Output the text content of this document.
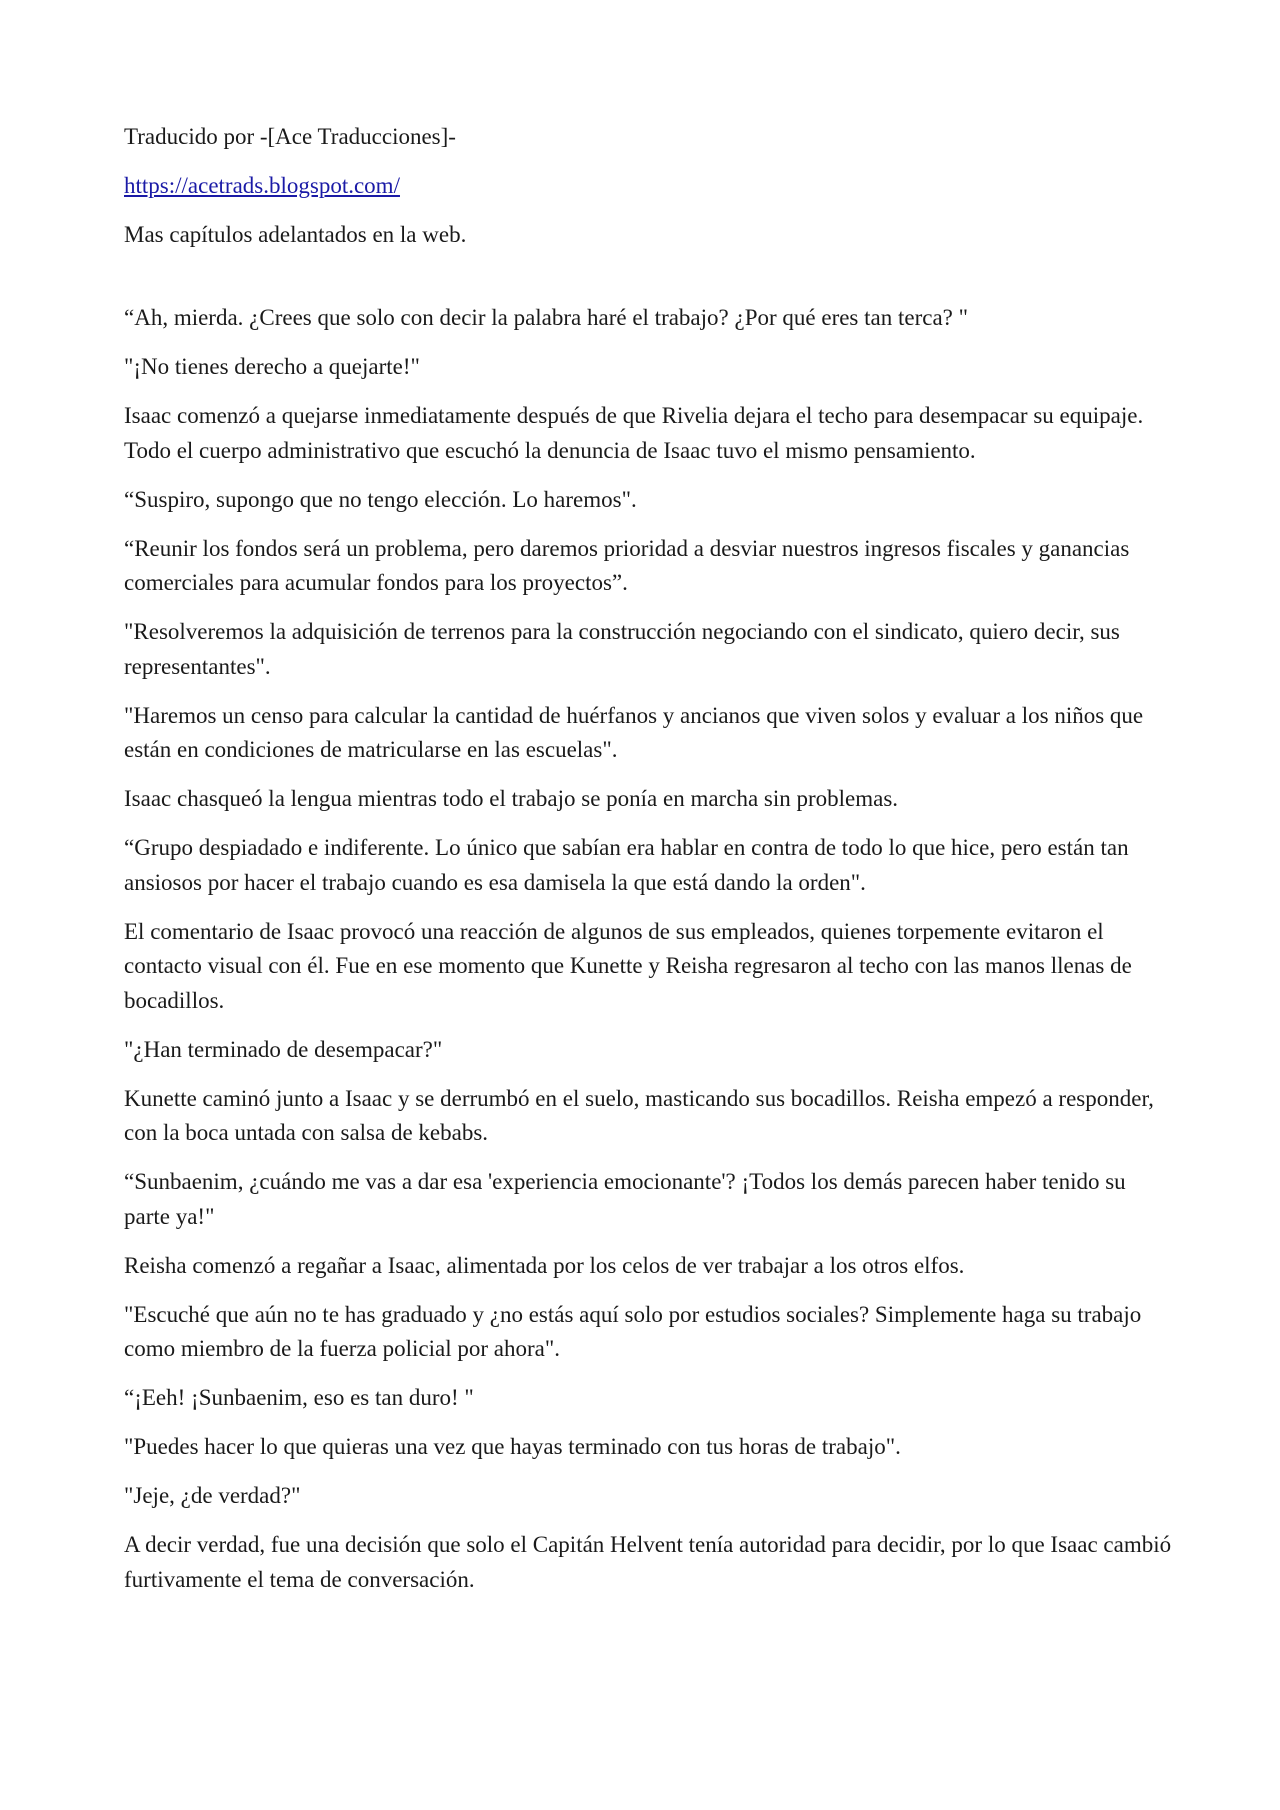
Traducido por -[Ace Traducciones]-

https://acetrads.blogspot.com/

Mas capítulos adelantados en la web.

“Ah, mierda. ¿Crees que solo con decir la palabra haré el trabajo? ¿Por qué eres tan terca? "

"¡No tienes derecho a quejarte!"

Isaac comenzó a quejarse inmediatamente después de que Rivelia dejara el techo para desempacar su equipaje. Todo el cuerpo administrativo que escuchó la denuncia de Isaac tuvo el mismo pensamiento.

“Suspiro, supongo que no tengo elección. Lo haremos".

“Reunir los fondos será un problema, pero daremos prioridad a desviar nuestros ingresos fiscales y ganancias comerciales para acumular fondos para los proyectos”.

"Resolveremos la adquisición de terrenos para la construcción negociando con el sindicato, quiero decir, sus representantes".

"Haremos un censo para calcular la cantidad de huérfanos y ancianos que viven solos y evaluar a los niños que están en condiciones de matricularse en las escuelas".

Isaac chasqueó la lengua mientras todo el trabajo se ponía en marcha sin problemas.

“Grupo despiadado e indiferente. Lo único que sabían era hablar en contra de todo lo que hice, pero están tan ansiosos por hacer el trabajo cuando es esa damisela la que está dando la orden".

El comentario de Isaac provocó una reacción de algunos de sus empleados, quienes torpemente evitaron el contacto visual con él. Fue en ese momento que Kunette y Reisha regresaron al techo con las manos llenas de bocadillos.

"¿Han terminado de desempacar?"

Kunette caminó junto a Isaac y se derrumbó en el suelo, masticando sus bocadillos. Reisha empezó a responder, con la boca untada con salsa de kebabs.

“Sunbaenim, ¿cuándo me vas a dar esa 'experiencia emocionante'? ¡Todos los demás parecen haber tenido su parte ya!"

Reisha comenzó a regañar a Isaac, alimentada por los celos de ver trabajar a los otros elfos.

"Escuché que aún no te has graduado y ¿no estás aquí solo por estudios sociales? Simplemente haga su trabajo como miembro de la fuerza policial por ahora".

“¡Eeh! ¡Sunbaenim, eso es tan duro! "

"Puedes hacer lo que quieras una vez que hayas terminado con tus horas de trabajo".

"Jeje, ¿de verdad?"

A decir verdad, fue una decisión que solo el Capitán Helvent tenía autoridad para decidir, por lo que Isaac cambió furtivamente el tema de conversación.
